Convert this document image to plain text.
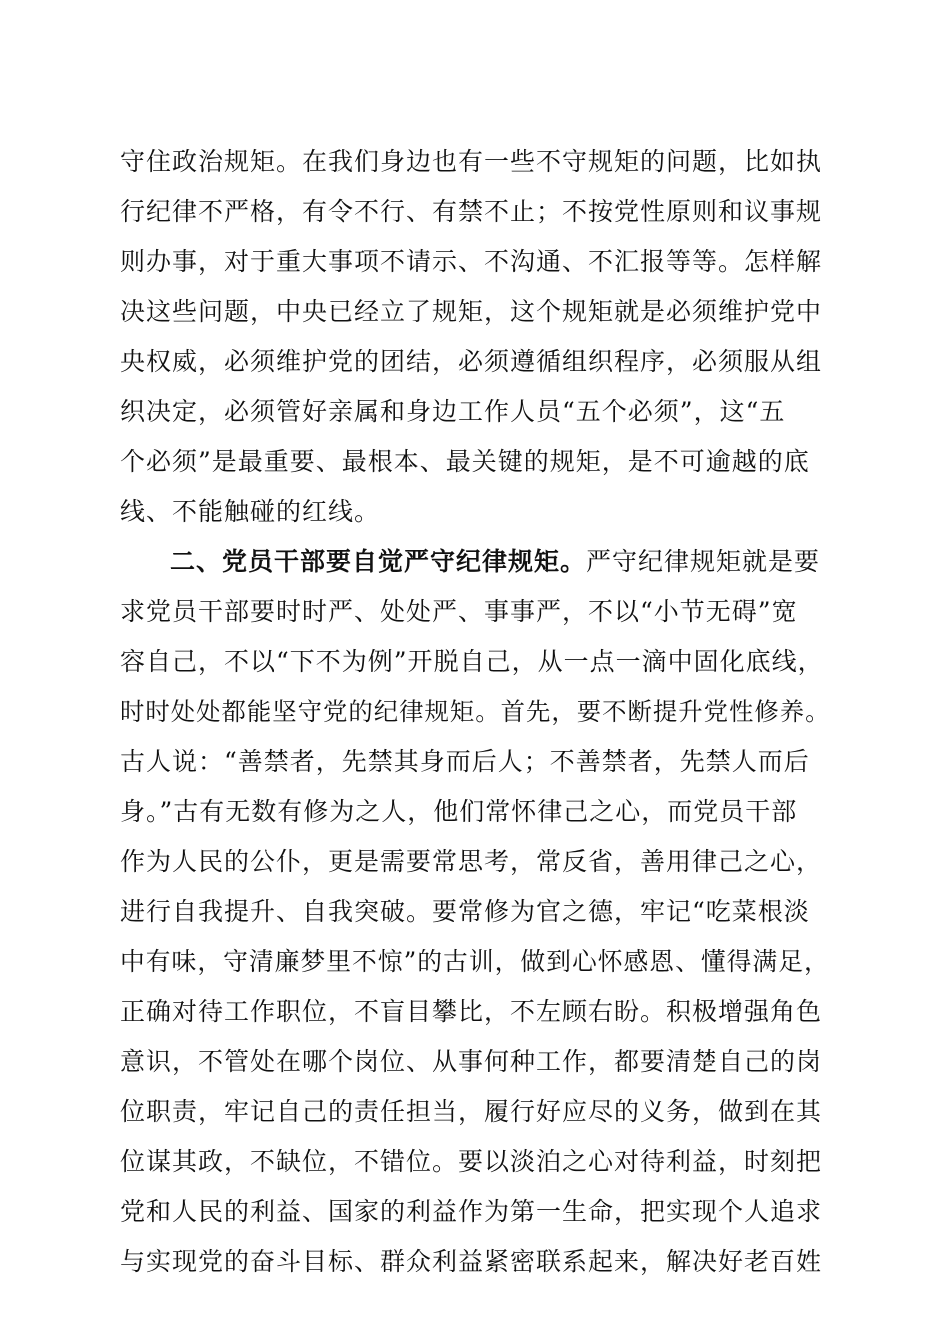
守住政治规矩。在我们身边也有一些不守规矩的问题，比如执
行纪律不严格，有令不行、有禁不止；不按党性原则和议事规
则办事，对于重大事项不请示、不沟通、不汇报等等。怎样解
决这些问题，中央已经立了规矩，这个规矩就是必须维护党中
央权威，必须维护党的团结，必须遵循组织程序，必须服从组
织决定，必须管好亲属和身边工作人员“五个必须”，这“五
个必须”是最重要、最根本、最关键的规矩，是不可逾越的底
线、不能触碰的红线。
二、党员干部要自觉严守纪律规矩。严守纪律规矩就是要
求党员干部要时时严、处处严、事事严，不以“小节无碍”宽
容自己，不以“下不为例”开脱自己，从一点一滴中固化底线，
时时处处都能坚守党的纪律规矩。首先，要不断提升党性修养。
古人说：“善禁者，先禁其身而后人；不善禁者，先禁人而后
身。”古有无数有修为之人，他们常怀律己之心，而党员干部
作为人民的公仆，更是需要常思考，常反省，善用律己之心，
进行自我提升、自我突破。要常修为官之德，牢记“吃菜根淡
中有味，守清廉梦里不惊”的古训，做到心怀感恩、懂得满足，
正确对待工作职位，不盲目攀比，不左顾右盼。积极增强角色
意识，不管处在哪个岗位、从事何种工作，都要清楚自己的岗
位职责，牢记自己的责任担当，履行好应尽的义务，做到在其
位谋其政，不缺位，不错位。要以淡泊之心对待利益，时刻把
党和人民的利益、国家的利益作为第一生命，把实现个人追求
与实现党的奋斗目标、群众利益紧密联系起来，解决好老百姓
